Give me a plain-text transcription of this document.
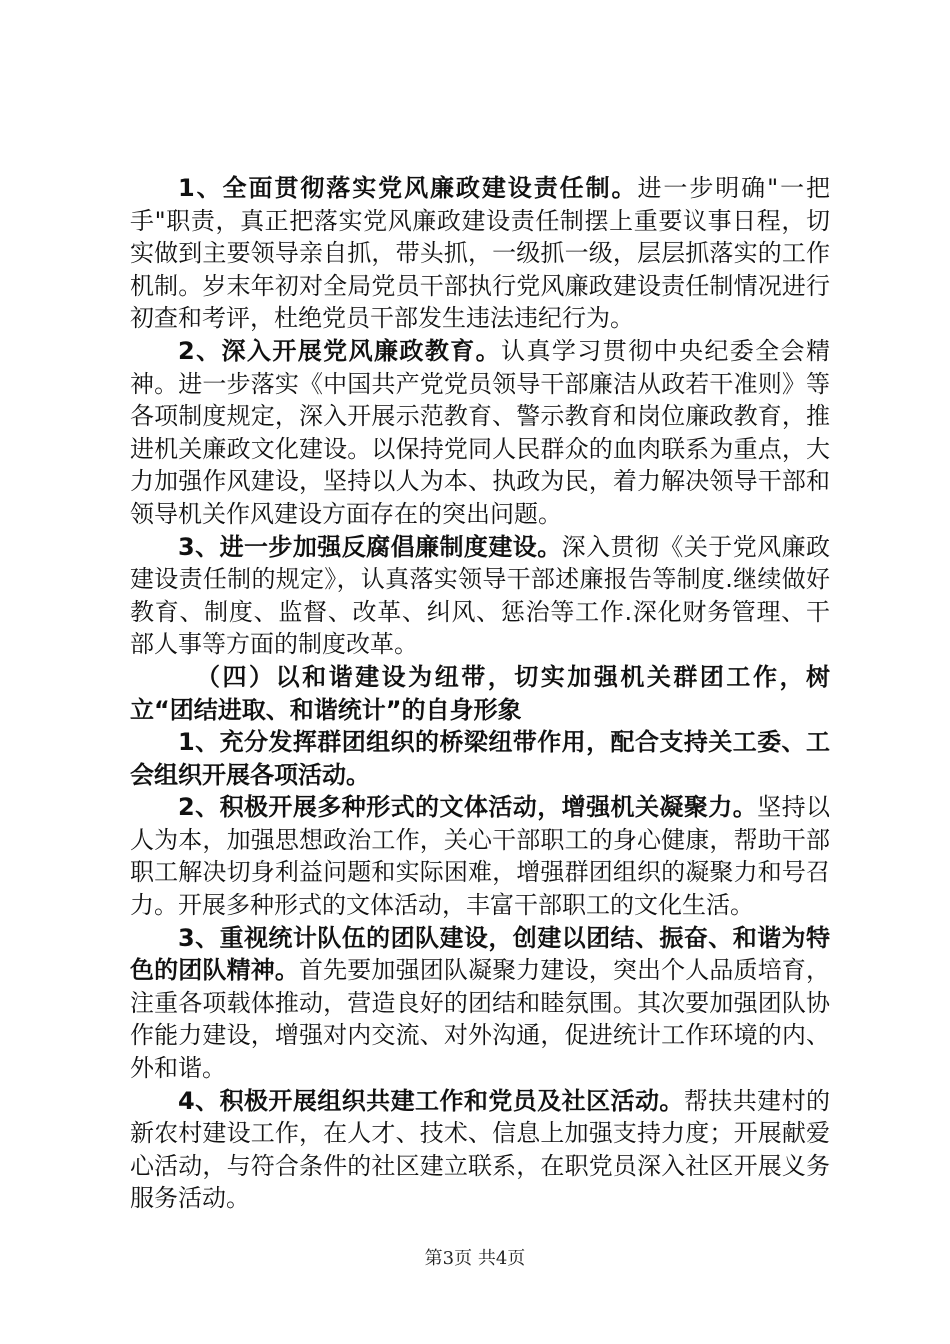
1、全面贯彻落实党风廉政建设责任制。进一步明确"一把手"职责，真正把落实党风廉政建设责任制摆上重要议事日程，切实做到主要领导亲自抓，带头抓，一级抓一级，层层抓落实的工作机制。岁末年初对全局党员干部执行党风廉政建设责任制情况进行初查和考评，杜绝党员干部发生违法违纪行为。

2、深入开展党风廉政教育。认真学习贯彻中央纪委全会精神。进一步落实《中国共产党党员领导干部廉洁从政若干准则》等各项制度规定，深入开展示范教育、警示教育和岗位廉政教育，推进机关廉政文化建设。以保持党同人民群众的血肉联系为重点，大力加强作风建设，坚持以人为本、执政为民，着力解决领导干部和领导机关作风建设方面存在的突出问题。

3、进一步加强反腐倡廉制度建设。深入贯彻《关于党风廉政建设责任制的规定》，认真落实领导干部述廉报告等制度.继续做好教育、制度、监督、改革、纠风、惩治等工作.深化财务管理、干部人事等方面的制度改革。

（四）以和谐建设为纽带，切实加强机关群团工作，树立“团结进取、和谐统计”的自身形象

1、充分发挥群团组织的桥梁纽带作用，配合支持关工委、工会组织开展各项活动。

2、积极开展多种形式的文体活动，增强机关凝聚力。坚持以人为本，加强思想政治工作，关心干部职工的身心健康，帮助干部职工解决切身利益问题和实际困难，增强群团组织的凝聚力和号召力。开展多种形式的文体活动，丰富干部职工的文化生活。

3、重视统计队伍的团队建设，创建以团结、振奋、和谐为特色的团队精神。首先要加强团队凝聚力建设，突出个人品质培育，注重各项载体推动，营造良好的团结和睦氛围。其次要加强团队协作能力建设，增强对内交流、对外沟通，促进统计工作环境的内、外和谐。

4、积极开展组织共建工作和党员及社区活动。帮扶共建村的新农村建设工作，在人才、技术、信息上加强支持力度；开展献爱心活动，与符合条件的社区建立联系，在职党员深入社区开展义务服务活动。

第3页 共4页
